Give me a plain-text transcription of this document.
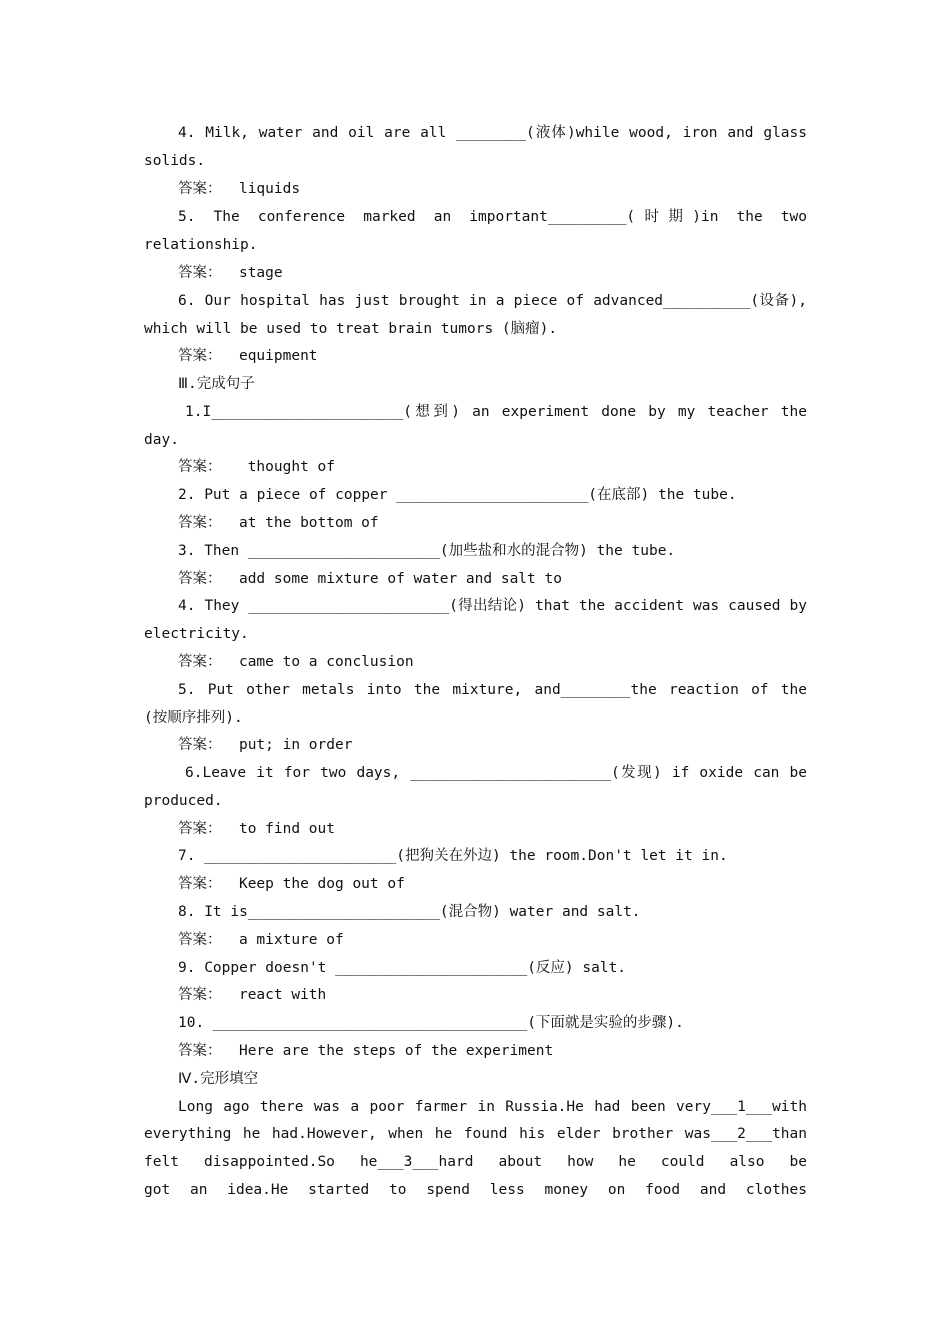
4. Milk, water and oil are all ________(液体)while wood, iron and glass
solids.
答案：  liquids
5. The conference marked an important_________(时期)in the two
relationship.
答案：  stage
6. Our hospital has just brought in a piece of advanced__________(设备),
which will be used to treat brain tumors (脑瘤).
答案：  equipment
Ⅲ.完成句子
1.I______________________(想到) an experiment done by my teacher the
day.
答案：   thought of
2. Put a piece of copper ______________________(在底部) the tube.
答案：  at the bottom of
3. Then ______________________(加些盐和水的混合物) the tube.
答案：  add some mixture of water and salt to
4. They _______________________(得出结论) that the accident was caused by
electricity.
答案：  came to a conclusion
5. Put other metals into the mixture, and________the reaction of the
(按顺序排列).
答案：  put; in order
6.Leave it for two days, _______________________(发现) if oxide can be
produced.
答案：  to find out
7. ______________________(把狗关在外边) the room.Don't let it in.
答案：  Keep the dog out of
8. It is______________________(混合物) water and salt.
答案：  a mixture of
9. Copper doesn't ______________________(反应) salt.
答案：  react with
10. ____________________________________(下面就是实验的步骤).
答案：  Here are the steps of the experiment
Ⅳ.完形填空
Long ago there was a poor farmer in Russia.He had been very___1___with
everything he had.However, when he found his elder brother was___2___than
felt disappointed.So he___3___hard about how he could also be
got an idea.He started to spend less money on food and clothes
